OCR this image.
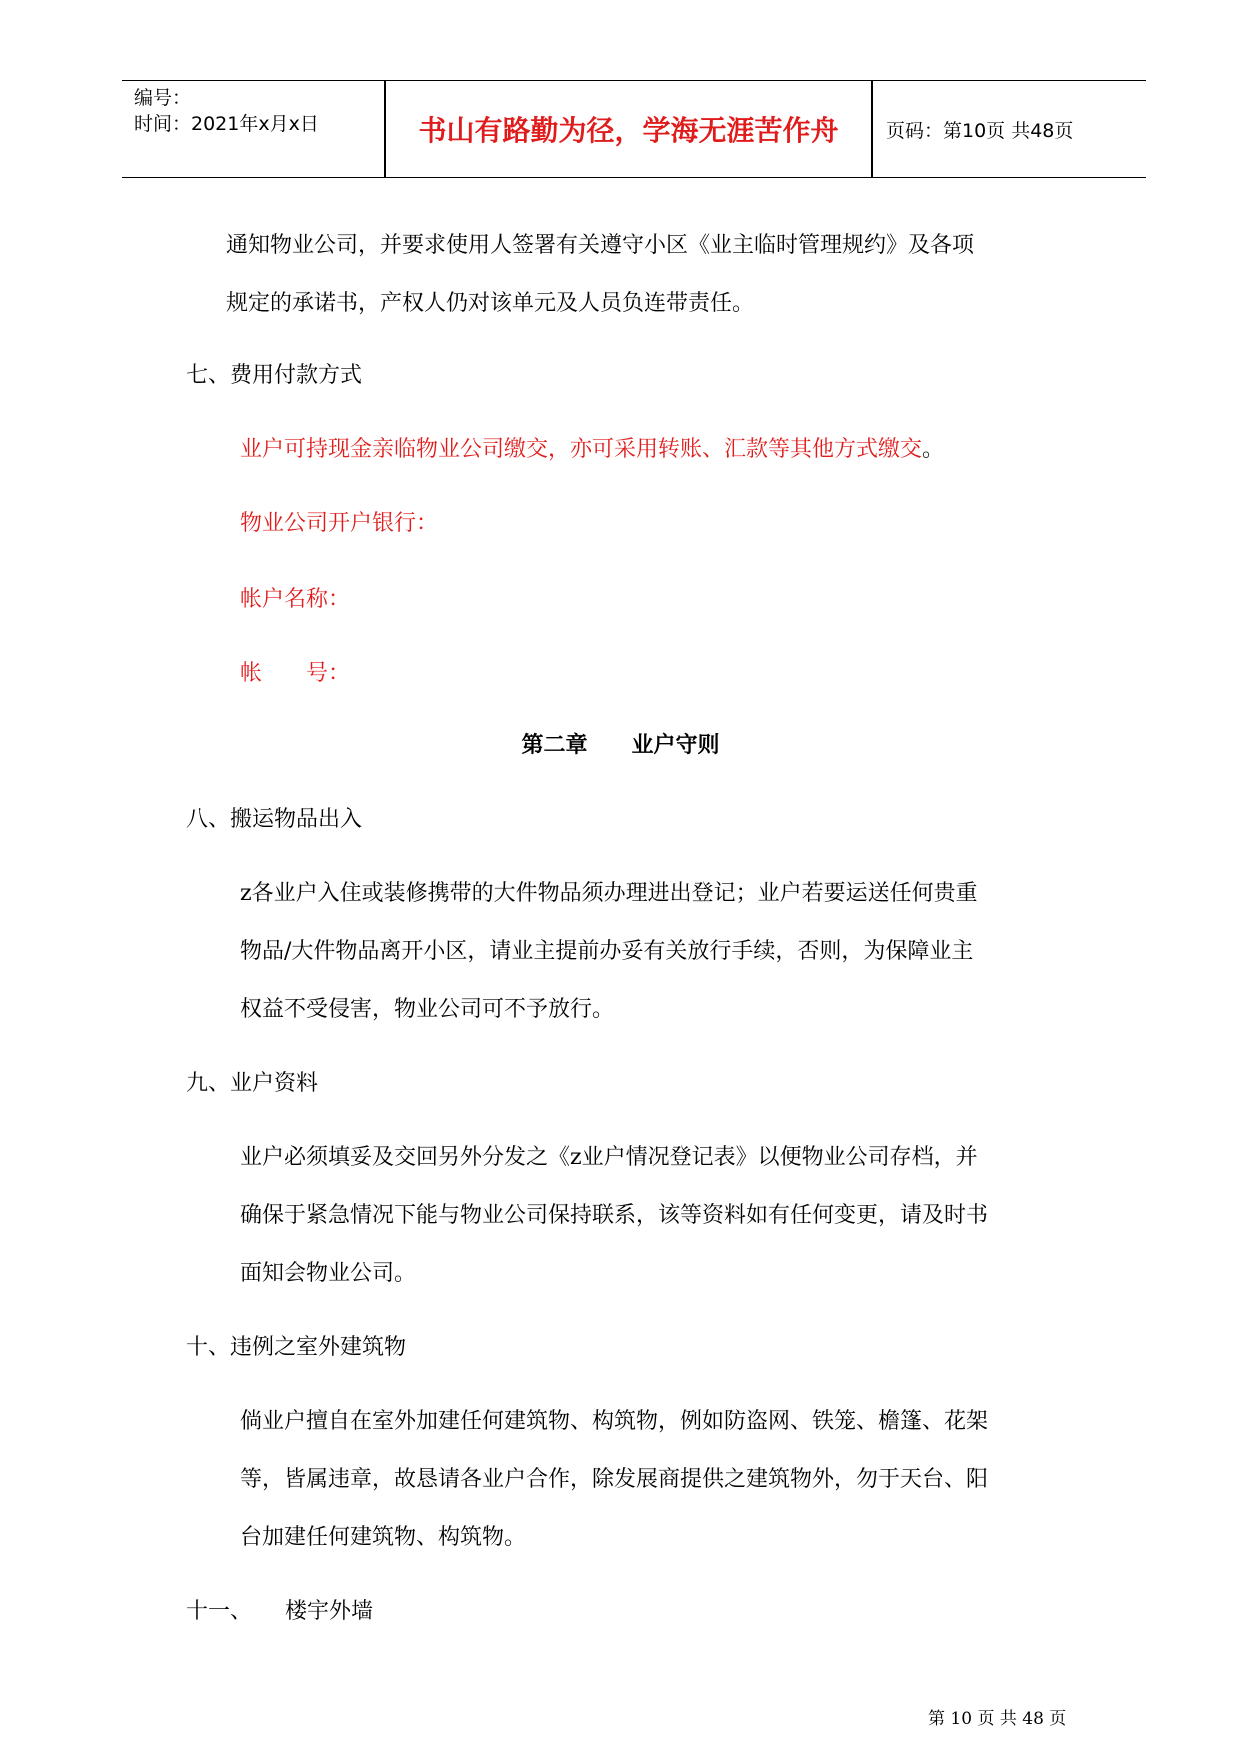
编号：
时间：2021年x月x日	书山有路勤为径，学海无涯苦作舟	页码：第10页 共48页
通知物业公司，并要求使用人签署有关遵守小区《业主临时管理规约》及各项
规定的承诺书，产权人仍对该单元及人员负连带责任。
七、费用付款方式
业户可持现金亲临物业公司缴交，亦可采用转账、汇款等其他方式缴交。
物业公司开户银行：
帐户名称：
帐　　号：
第二章　　业户守则
八、搬运物品出入
z各业户入住或装修携带的大件物品须办理进出登记；业户若要运送任何贵重
物品/大件物品离开小区，请业主提前办妥有关放行手续，否则，为保障业主
权益不受侵害，物业公司可不予放行。
九、业户资料
业户必须填妥及交回另外分发之《z业户情况登记表》以便物业公司存档，并
确保于紧急情况下能与物业公司保持联系，该等资料如有任何变更，请及时书
面知会物业公司。
十、违例之室外建筑物
倘业户擅自在室外加建任何建筑物、构筑物，例如防盗网、铁笼、檐篷、花架
等，皆属违章，故恳请各业户合作，除发展商提供之建筑物外，勿于天台、阳
台加建任何建筑物、构筑物。
十一、　　楼宇外墙
第 10 页 共 48 页
